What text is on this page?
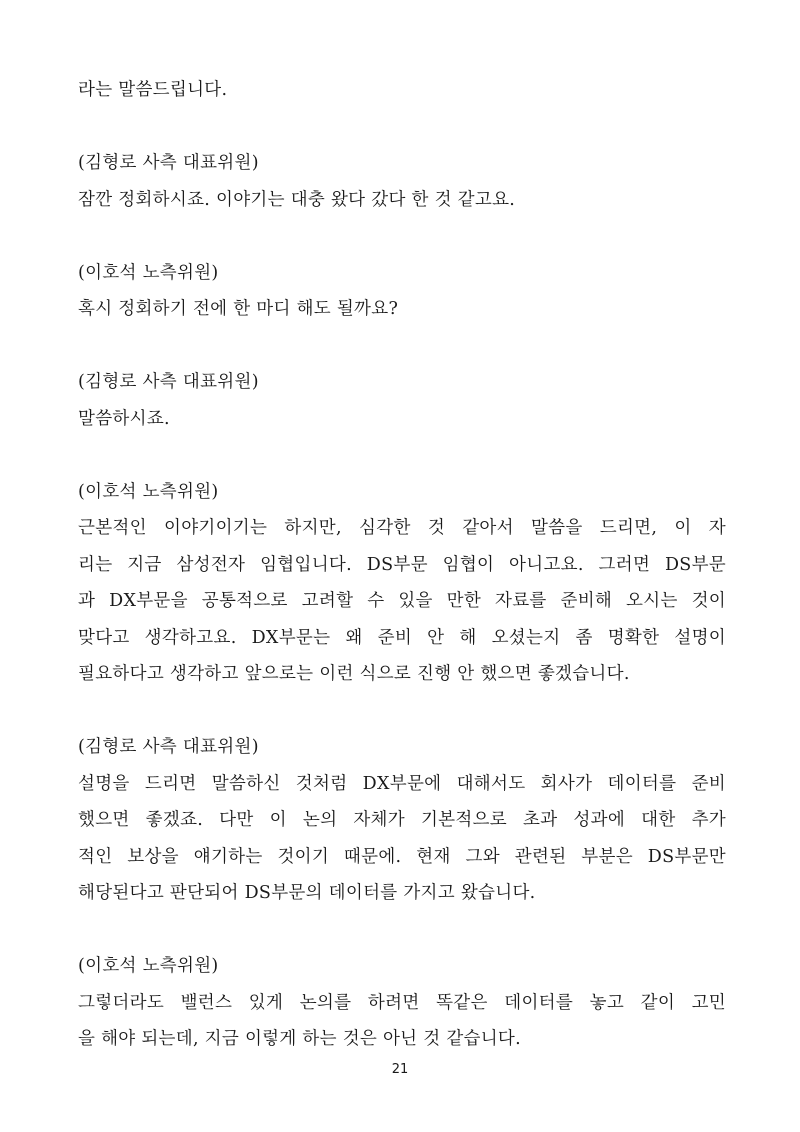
라는 말씀드립니다.
(김형로 사측 대표위원)
잠깐 정회하시죠. 이야기는 대충 왔다 갔다 한 것 같고요.
(이호석 노측위원)
혹시 정회하기 전에 한 마디 해도 될까요?
(김형로 사측 대표위원)
말씀하시죠.
(이호석 노측위원)
근본적인 이야기이기는 하지만, 심각한 것 같아서 말씀을 드리면, 이 자
리는 지금 삼성전자 임협입니다. DS부문 임협이 아니고요. 그러면 DS부문
과 DX부문을 공통적으로 고려할 수 있을 만한 자료를 준비해 오시는 것이
맞다고 생각하고요. DX부문는 왜 준비 안 해 오셨는지 좀 명확한 설명이
필요하다고 생각하고 앞으로는 이런 식으로 진행 안 했으면 좋겠습니다.
(김형로 사측 대표위원)
설명을 드리면 말씀하신 것처럼 DX부문에 대해서도 회사가 데이터를 준비
했으면 좋겠죠. 다만 이 논의 자체가 기본적으로 초과 성과에 대한 추가
적인 보상을 얘기하는 것이기 때문에. 현재 그와 관련된 부분은 DS부문만
해당된다고 판단되어 DS부문의 데이터를 가지고 왔습니다.
(이호석 노측위원)
그렇더라도 밸런스 있게 논의를 하려면 똑같은 데이터를 놓고 같이 고민
을 해야 되는데, 지금 이렇게 하는 것은 아닌 것 같습니다.
21
